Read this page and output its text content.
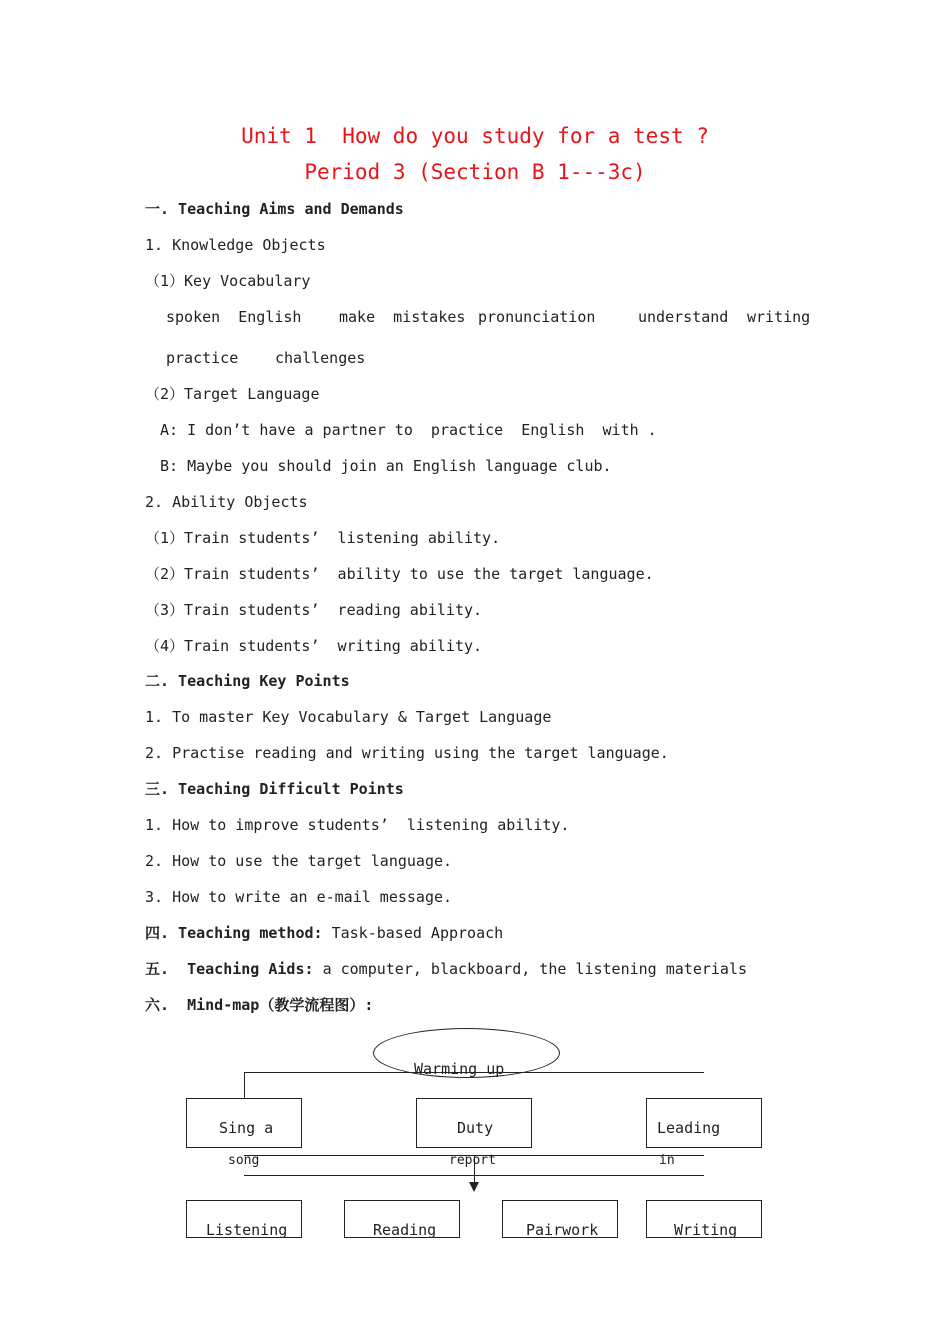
Unit 1  How do you study for a test ?
Period 3 (Section B 1---3c)
一. Teaching Aims and Demands
1. Knowledge Objects
（1）Key Vocabulary
spoken  English	make  mistakes pronunciation	understand writing
practice challenges
（2）Target Language
A: I don’t have a partner to  practice  English  with .
B: Maybe you should join an English language club.
2. Ability Objects
（1）Train students’  listening ability.
（2）Train students’  ability to use the target language.
（3）Train students’  reading ability.
（4）Train students’  writing ability.
二. Teaching Key Points
1. To master Key Vocabulary & Target Language
2. Practise reading and writing using the target language.
三. Teaching Difficult Points
1. How to improve students’  listening ability.
2. How to use the target language.
3. How to write an e-mail message.
四. Teaching method: Task-based Approach
五.  Teaching Aids: a computer, blackboard, the listening materials
六.  Mind-map（教学流程图）:
Warming up
Sing a
song
Duty
report
Leading
in
Listening	Reading	Pairwork	Writing
